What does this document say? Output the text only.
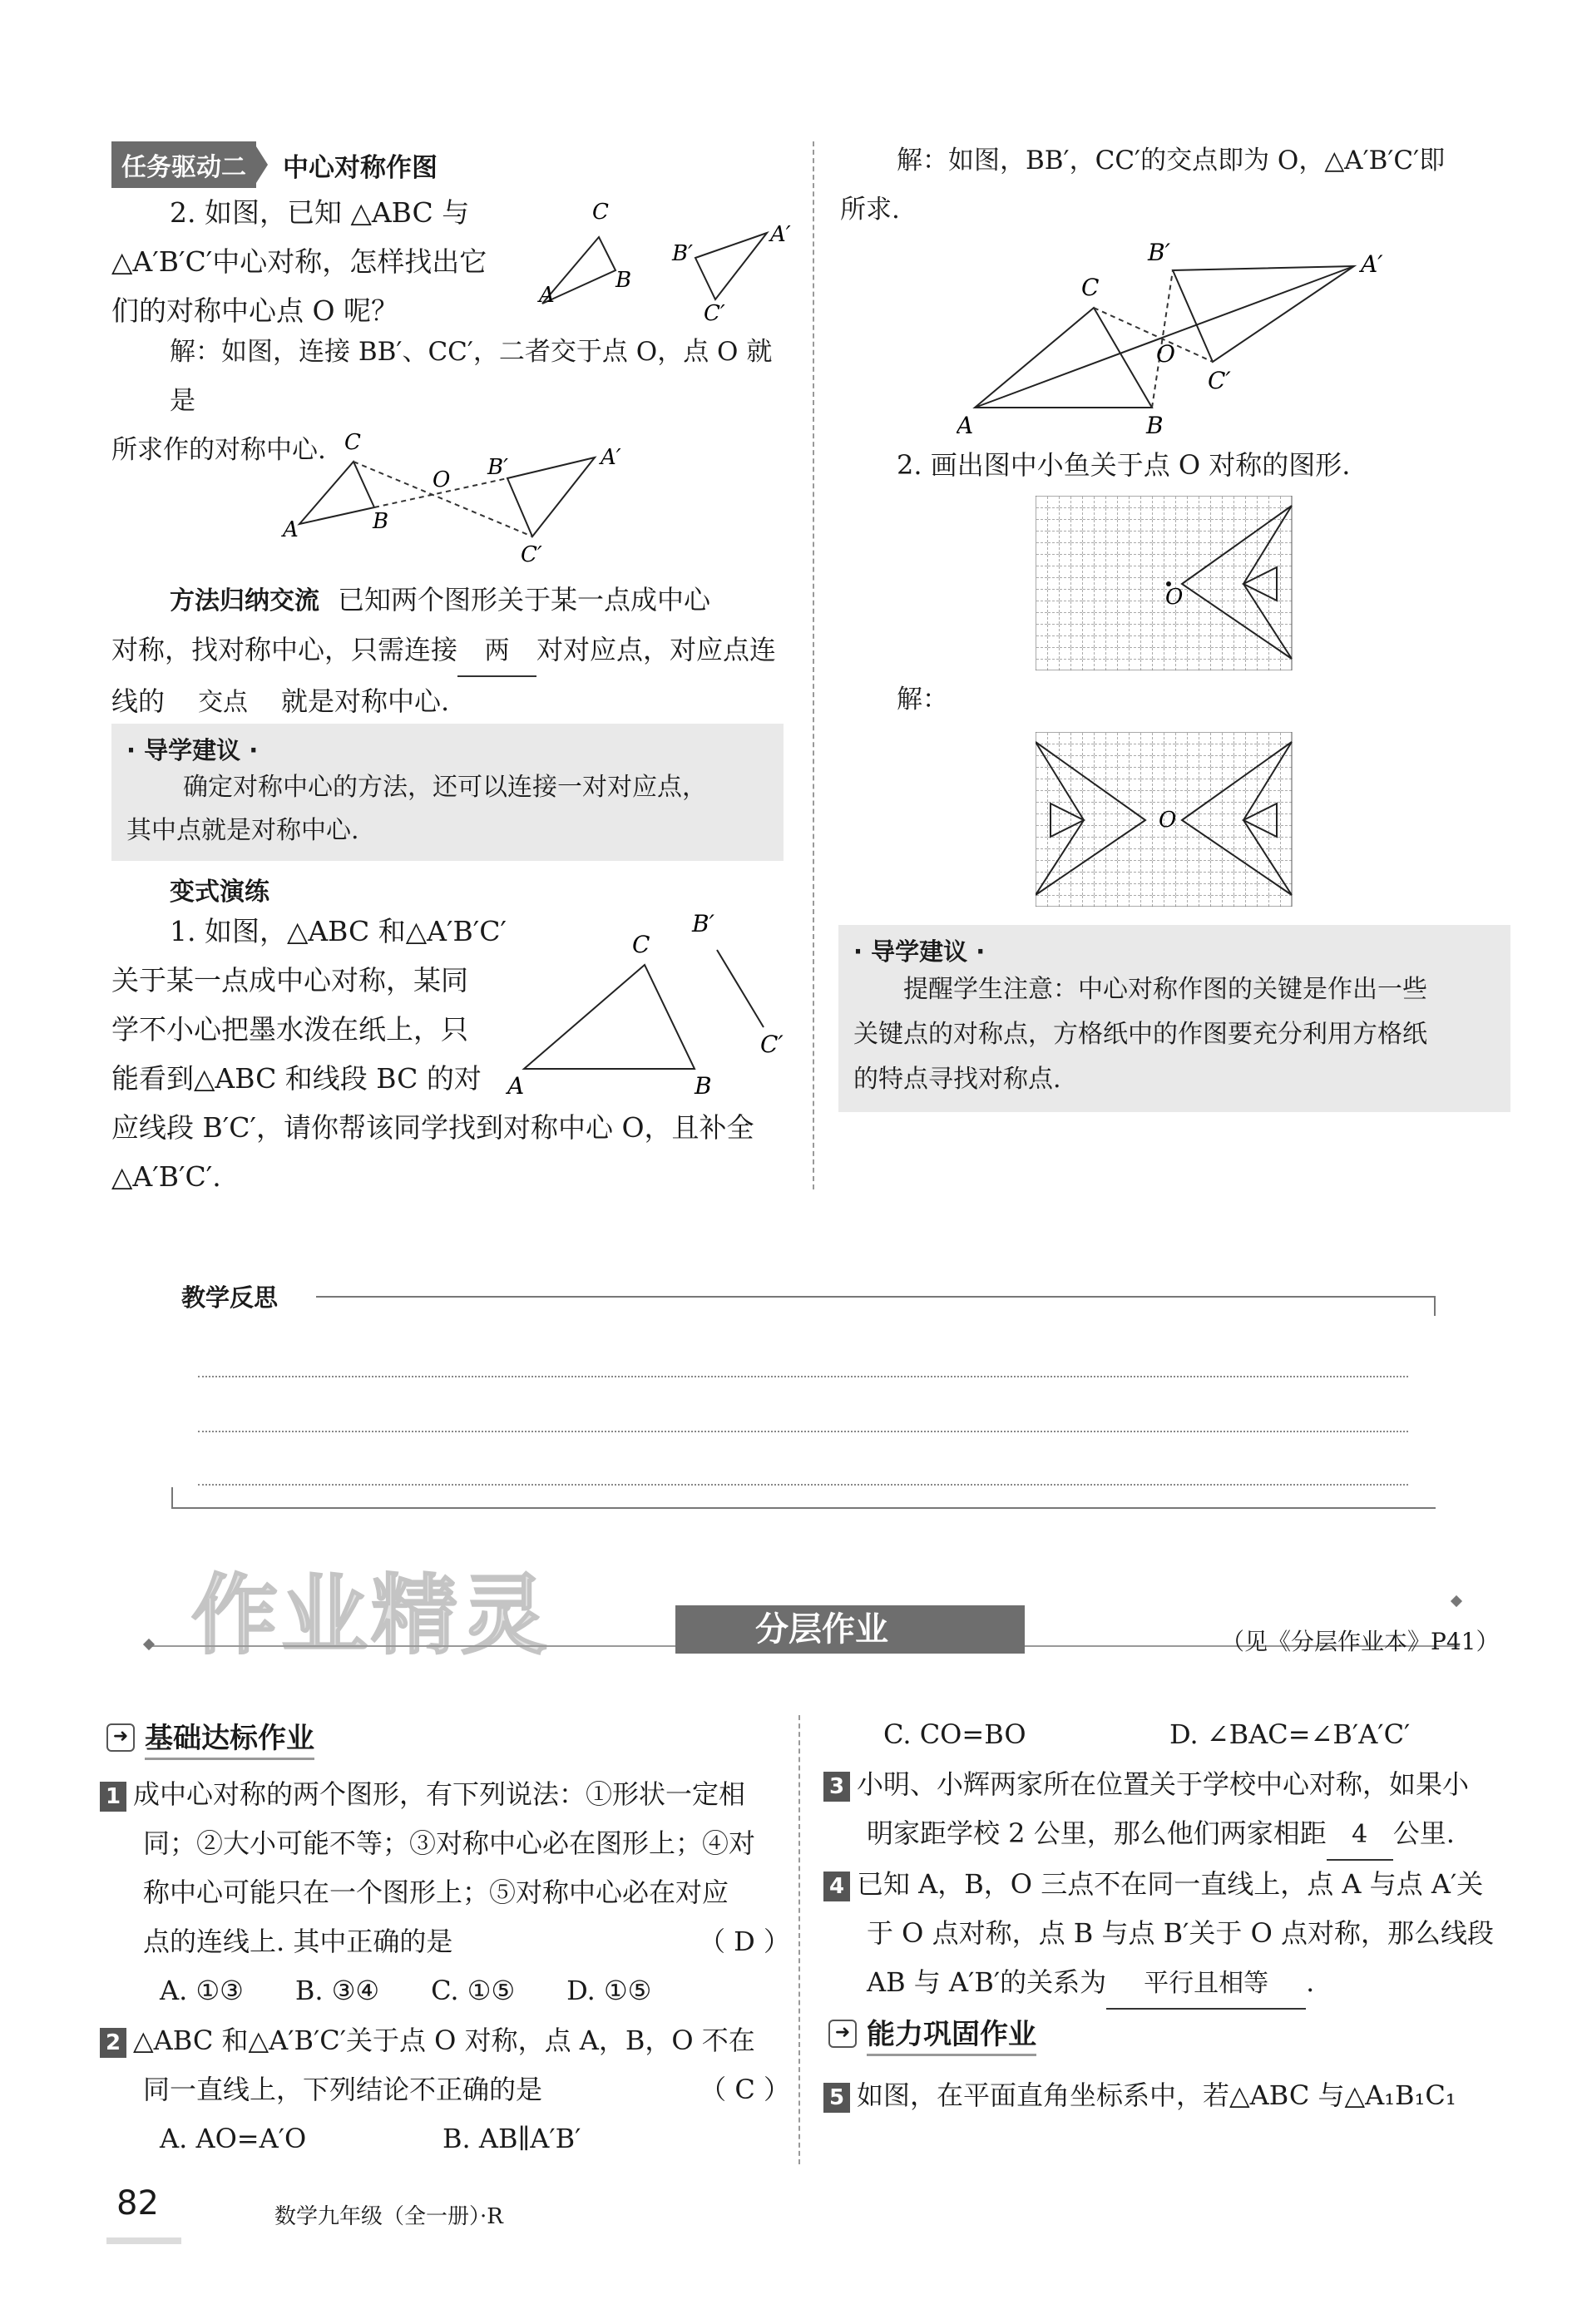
任务驱动二	中心对称作图
2. 如图，已知 △ABC 与
△A′B′C′中心对称，怎样找出它
们的对称中心点 O 呢？
C
A
B
B′
A′
C′
解：如图，连接 BB′、CC′，二者交于点 O，点 O 就是
所求作的对称中心. C
A	B
O B′	A′
C′
方法归纳交流 已知两个图形关于某一点成中心
对称，找对称中心，只需连接 两 对对应点，对应点连
线的 交点 就是对称中心.
· 导学建议 ·
确定对称中心的方法，还可以连接一对对应点，
其中点就是对称中心.
变式演练
1. 如图，△ABC 和△A′B′C′
关于某一点成中心对称，某同
学不小心把墨水泼在纸上，只
能看到△ABC 和线段 BC 的对
应线段 B′C′，请你帮该同学找到对称中心 O，且补全
△A′B′C′.
C
A	B
B′
C′
解：如图，BB′，CC′的交点即为 O，△A′B′C′即
所求.
C
A	B
O
B′	A′
C′
2. 画出图中小鱼关于点 O 对称的图形.
O
解：
O
· 导学建议 ·
提醒学生注意：中心对称作图的关键是作出一些
关键点的对称点，方格纸中的作图要充分利用方格纸
的特点寻找对称点.
教学反思
作业精灵	分层作业	（见《分层作业本》P41）
➜ 基础达标作业
1 成中心对称的两个图形，有下列说法：①形状一定相
同；②大小可能不等；③对称中心必在图形上；④对
称中心可能只在一个图形上；⑤对称中心必在对应
点的连线上. 其中正确的是	（ D ）
A. ①③ B. ③④ C. ①⑤ D. ①⑤
2 △ABC 和△A′B′C′关于点 O 对称，点 A，B，O 不在
同一直线上，下列结论不正确的是	（ C ）
A. AO=A′O	B. AB∥A′B′
C. CO=BO	D. ∠BAC=∠B′A′C′
3 小明、小辉两家所在位置关于学校中心对称，如果小
明家距学校 2 公里，那么他们两家相距 4 公里.
4 已知 A，B，O 三点不在同一直线上，点 A 与点 A′关
于 O 点对称，点 B 与点 B′关于 O 点对称，那么线段
AB 与 A′B′的关系为 平行且相等 .
➜ 能力巩固作业
5 如图，在平面直角坐标系中，若△ABC 与△A₁B₁C₁
82	数学九年级（全一册）·R
